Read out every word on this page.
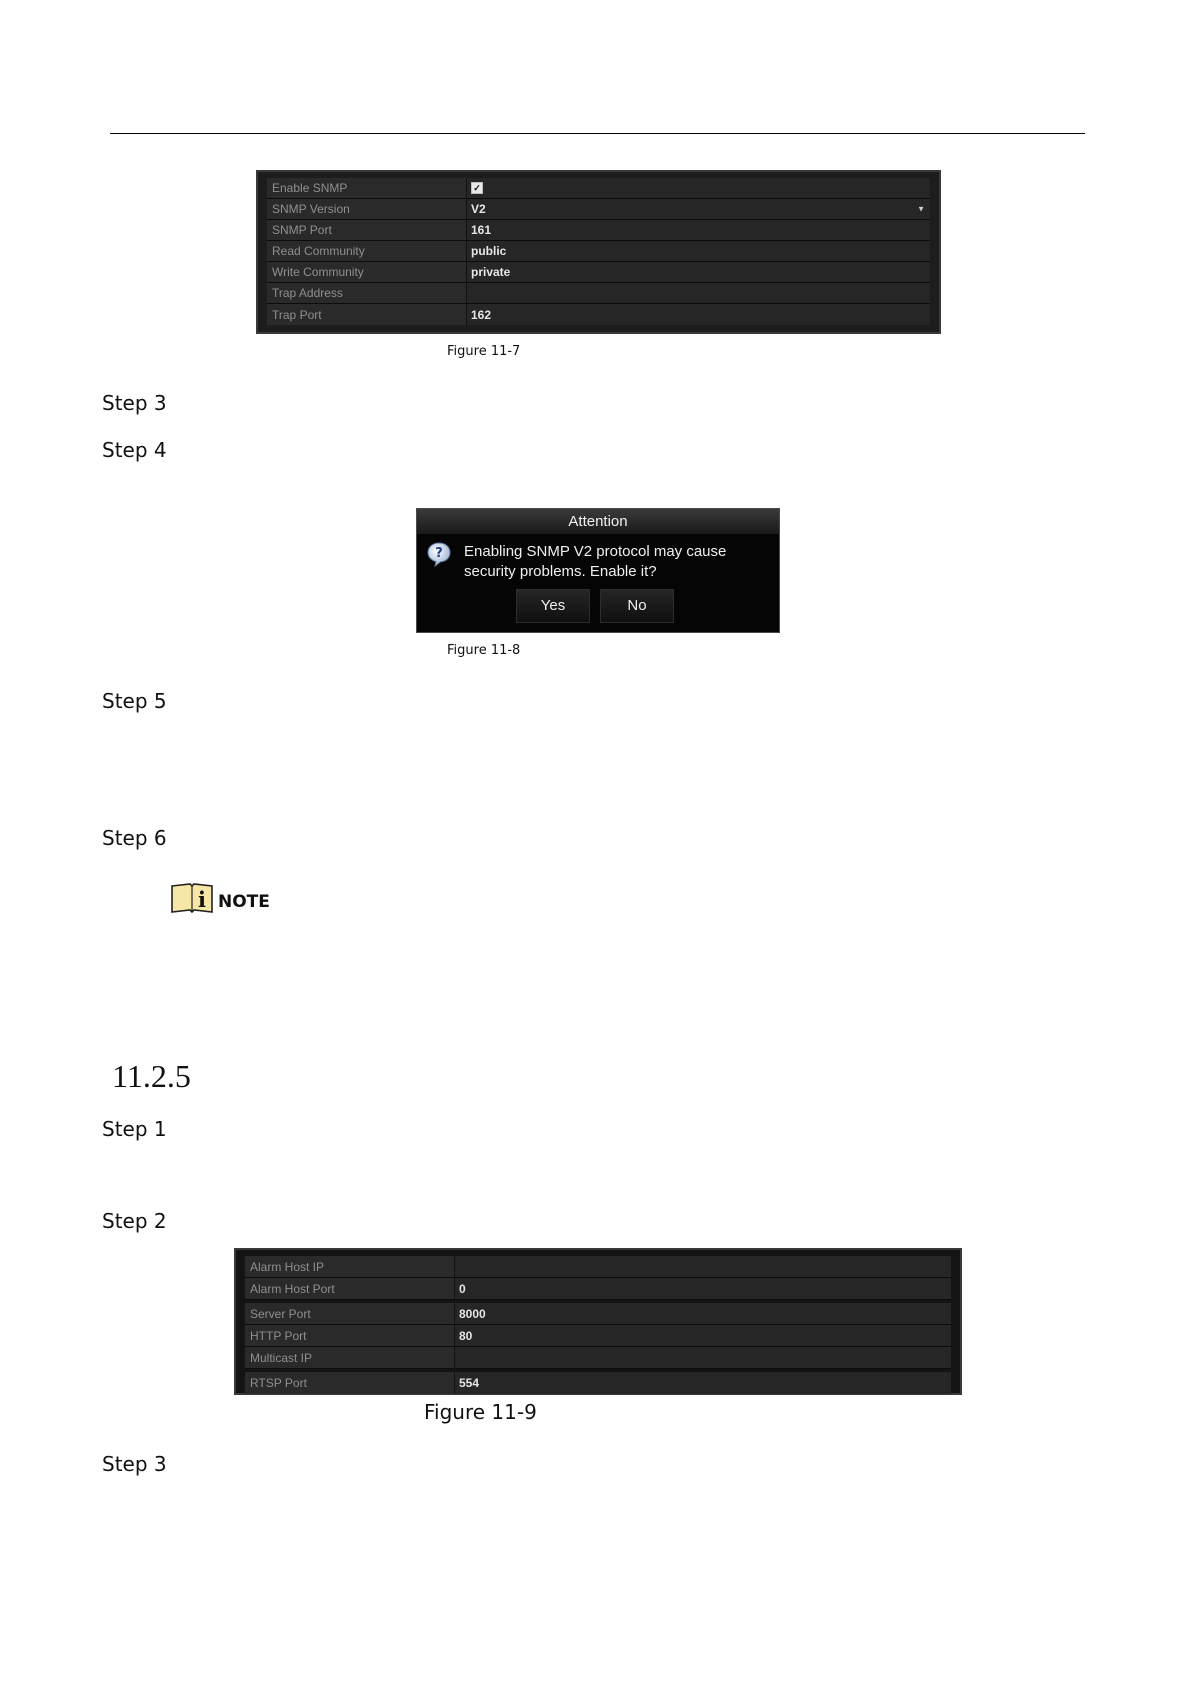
Enable SNMP	✓
SNMP Version	V2	▼
SNMP Port	161
Read Community	public
Write Community	private
Trap Address
Trap Port	162
Figure 11-7
Step 3
Step 4
Attention
? Enabling SNMP V2 protocol may cause security problems. Enable it?
Yes	No
Figure 11-8
Step 5
Step 6
i NOTE
11.2.5
Step 1
Step 2
Alarm Host IP
Alarm Host Port	0
Server Port	8000
HTTP Port	80
Multicast IP
RTSP Port	554
Figure 11-9
Step 3
